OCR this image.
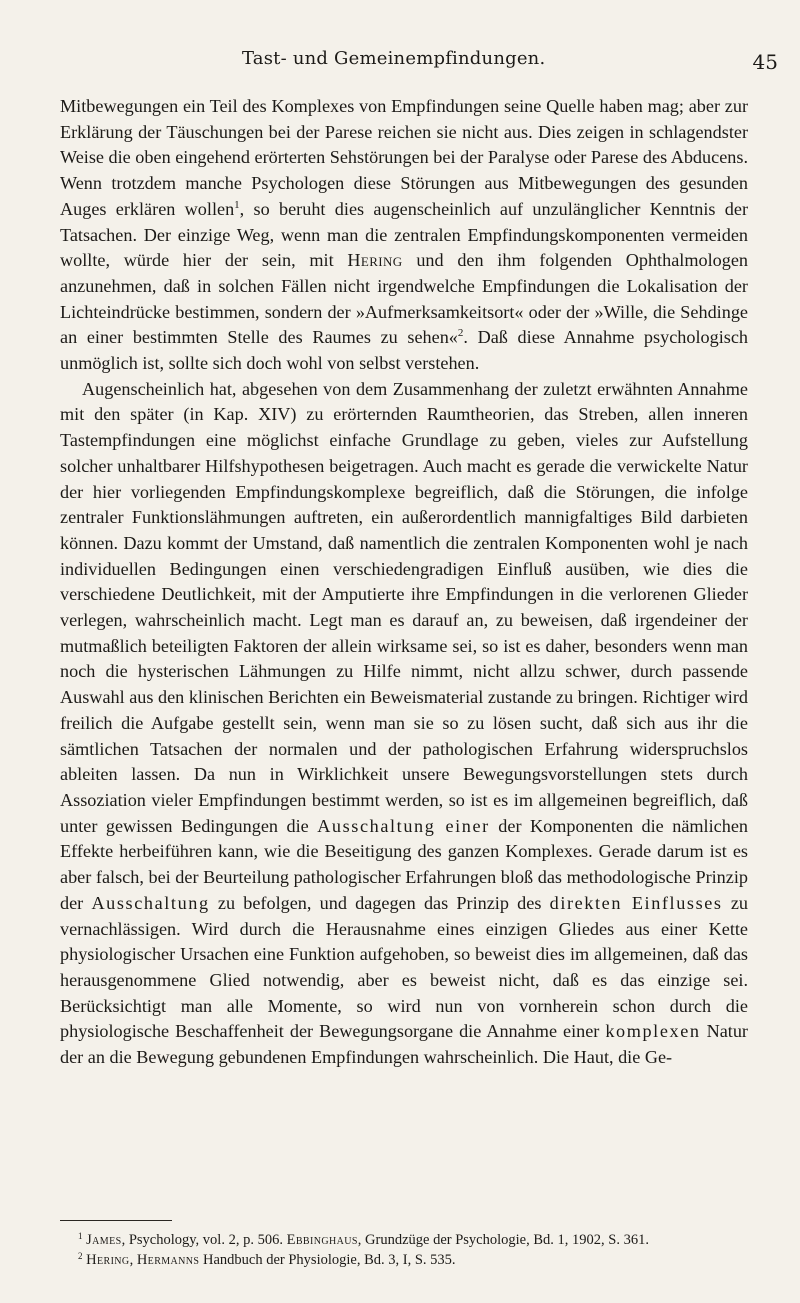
Tast- und Gemeinempfindungen.	45

Mitbewegungen ein Teil des Komplexes von Empfindungen seine Quelle haben mag; aber zur Erklärung der Täuschungen bei der Parese reichen sie nicht aus. Dies zeigen in schlagendster Weise die oben eingehend erörterten Sehstörungen bei der Paralyse oder Parese des Abducens. Wenn trotzdem manche Psychologen diese Störungen aus Mitbewegungen des gesunden Auges erklären wollen$^1$, so beruht dies augenscheinlich auf unzulänglicher Kenntnis der Tatsachen. Der einzige Weg, wenn man die zentralen Empfindungskomponenten vermeiden wollte, würde hier der sein, mit Hering und den ihm folgenden Ophthalmologen anzunehmen, daß in solchen Fällen nicht irgendwelche Empfindungen die Lokalisation der Lichteindrücke bestimmen, sondern der »Aufmerksamkeitsort« oder der »Wille, die Sehdinge an einer bestimmten Stelle des Raumes zu sehen«$^2$. Daß diese Annahme psychologisch unmöglich ist, sollte sich doch wohl von selbst verstehen.

Augenscheinlich hat, abgesehen von dem Zusammenhang der zuletzt erwähnten Annahme mit den später (in Kap. XIV) zu erörternden Raumtheorien, das Streben, allen inneren Tastempfindungen eine möglichst einfache Grundlage zu geben, vieles zur Aufstellung solcher unhaltbarer Hilfshypothesen beigetragen. Auch macht es gerade die verwickelte Natur der hier vorliegenden Empfindungskomplexe begreiflich, daß die Störungen, die infolge zentraler Funktionslähmungen auftreten, ein außerordentlich mannigfaltiges Bild darbieten können. Dazu kommt der Umstand, daß namentlich die zentralen Komponenten wohl je nach individuellen Bedingungen einen verschiedengradigen Einfluß ausüben, wie dies die verschiedene Deutlichkeit, mit der Amputierte ihre Empfindungen in die verlorenen Glieder verlegen, wahrscheinlich macht. Legt man es darauf an, zu beweisen, daß irgendeiner der mutmaßlich beteiligten Faktoren der allein wirksame sei, so ist es daher, besonders wenn man noch die hysterischen Lähmungen zu Hilfe nimmt, nicht allzu schwer, durch passende Auswahl aus den klinischen Berichten ein Beweismaterial zustande zu bringen. Richtiger wird freilich die Aufgabe gestellt sein, wenn man sie so zu lösen sucht, daß sich aus ihr die sämtlichen Tatsachen der normalen und der pathologischen Erfahrung widerspruchslos ableiten lassen. Da nun in Wirklichkeit unsere Bewegungsvorstellungen stets durch Assoziation vieler Empfindungen bestimmt werden, so ist es im allgemeinen begreiflich, daß unter gewissen Bedingungen die Ausschaltung einer der Komponenten die nämlichen Effekte herbeiführen kann, wie die Beseitigung des ganzen Komplexes. Gerade darum ist es aber falsch, bei der Beurteilung pathologischer Erfahrungen bloß das methodologische Prinzip der Ausschaltung zu befolgen, und dagegen das Prinzip des direkten Einflusses zu vernachlässigen. Wird durch die Herausnahme eines einzigen Gliedes aus einer Kette physiologischer Ursachen eine Funktion aufgehoben, so beweist dies im allgemeinen, daß das herausgenommene Glied notwendig, aber es beweist nicht, daß es das einzige sei. Berücksichtigt man alle Momente, so wird nun von vornherein schon durch die physiologische Beschaffenheit der Bewegungsorgane die Annahme einer komplexen Natur der an die Bewegung gebundenen Empfindungen wahrscheinlich. Die Haut, die Ge-

$^1$ James, Psychology, vol. 2, p. 506. Ebbinghaus, Grundzüge der Psychologie, Bd. 1, 1902, S. 361.
$^2$ Hering, Hermanns Handbuch der Physiologie, Bd. 3, I, S. 535.
